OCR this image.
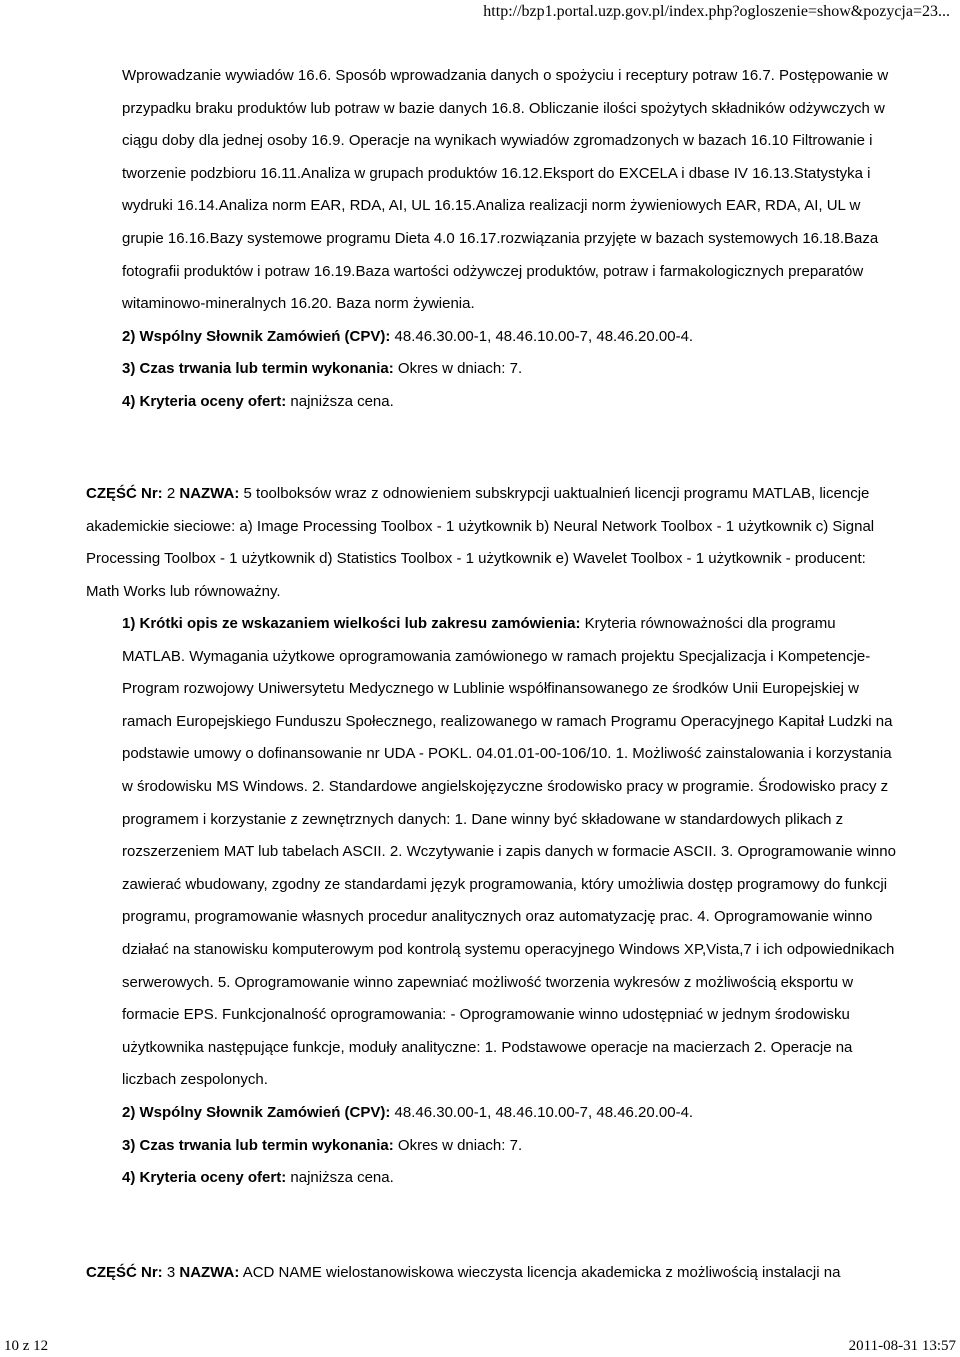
http://bzp1.portal.uzp.gov.pl/index.php?ogloszenie=show&pozycja=23...

Wprowadzanie wywiadów 16.6. Sposób wprowadzania danych o spożyciu i receptury potraw 16.7. Postępowanie w przypadku braku produktów lub potraw w bazie danych 16.8. Obliczanie ilości spożytych składników odżywczych w ciągu doby dla jednej osoby 16.9. Operacje na wynikach wywiadów zgromadzonych w bazach 16.10 Filtrowanie i tworzenie podzbioru 16.11.Analiza w grupach produktów 16.12.Eksport do EXCELA i dbase IV 16.13.Statystyka i wydruki 16.14.Analiza norm EAR, RDA, AI, UL 16.15.Analiza realizacji norm żywieniowych EAR, RDA, AI, UL w grupie 16.16.Bazy systemowe programu Dieta 4.0 16.17.rozwiązania przyjęte w bazach systemowych 16.18.Baza fotografii produktów i potraw 16.19.Baza wartości odżywczej produktów, potraw i farmakologicznych preparatów witaminowo-mineralnych 16.20. Baza norm żywienia.

2) Wspólny Słownik Zamówień (CPV): 48.46.30.00-1, 48.46.10.00-7, 48.46.20.00-4.

3) Czas trwania lub termin wykonania: Okres w dniach: 7.

4) Kryteria oceny ofert: najniższa cena.

CZĘŚĆ Nr: 2 NAZWA: 5 toolboksów wraz z odnowieniem subskrypcji uaktualnień licencji programu MATLAB, licencje akademickie sieciowe: a) Image Processing Toolbox - 1 użytkownik b) Neural Network Toolbox - 1 użytkownik c) Signal Processing Toolbox - 1 użytkownik d) Statistics Toolbox - 1 użytkownik e) Wavelet Toolbox - 1 użytkownik - producent: Math Works lub równoważny.

1) Krótki opis ze wskazaniem wielkości lub zakresu zamówienia: Kryteria równoważności dla programu MATLAB. Wymagania użytkowe oprogramowania zamówionego w ramach projektu Specjalizacja i Kompetencje- Program rozwojowy Uniwersytetu Medycznego w Lublinie współfinansowanego ze środków Unii Europejskiej w ramach Europejskiego Funduszu Społecznego, realizowanego w ramach Programu Operacyjnego Kapitał Ludzki na podstawie umowy o dofinansowanie nr UDA - POKL. 04.01.01-00-106/10. 1. Możliwość zainstalowania i korzystania w środowisku MS Windows. 2. Standardowe angielskojęzyczne środowisko pracy w programie. Środowisko pracy z programem i korzystanie z zewnętrznych danych: 1. Dane winny być składowane w standardowych plikach z rozszerzeniem MAT lub tabelach ASCII. 2. Wczytywanie i zapis danych w formacie ASCII. 3. Oprogramowanie winno zawierać wbudowany, zgodny ze standardami język programowania, który umożliwia dostęp programowy do funkcji programu, programowanie własnych procedur analitycznych oraz automatyzację prac. 4. Oprogramowanie winno działać na stanowisku komputerowym pod kontrolą systemu operacyjnego Windows XP,Vista,7 i ich odpowiednikach serwerowych. 5. Oprogramowanie winno zapewniać możliwość tworzenia wykresów z możliwością eksportu w formacie EPS. Funkcjonalność oprogramowania: - Oprogramowanie winno udostępniać w jednym środowisku użytkownika następujące funkcje, moduły analityczne: 1. Podstawowe operacje na macierzach 2. Operacje na liczbach zespolonych.

2) Wspólny Słownik Zamówień (CPV): 48.46.30.00-1, 48.46.10.00-7, 48.46.20.00-4.

3) Czas trwania lub termin wykonania: Okres w dniach: 7.

4) Kryteria oceny ofert: najniższa cena.

CZĘŚĆ Nr: 3 NAZWA: ACD NAME wielostanowiskowa wieczysta licencja akademicka z możliwością instalacji na

10 z 12	2011-08-31 13:57
